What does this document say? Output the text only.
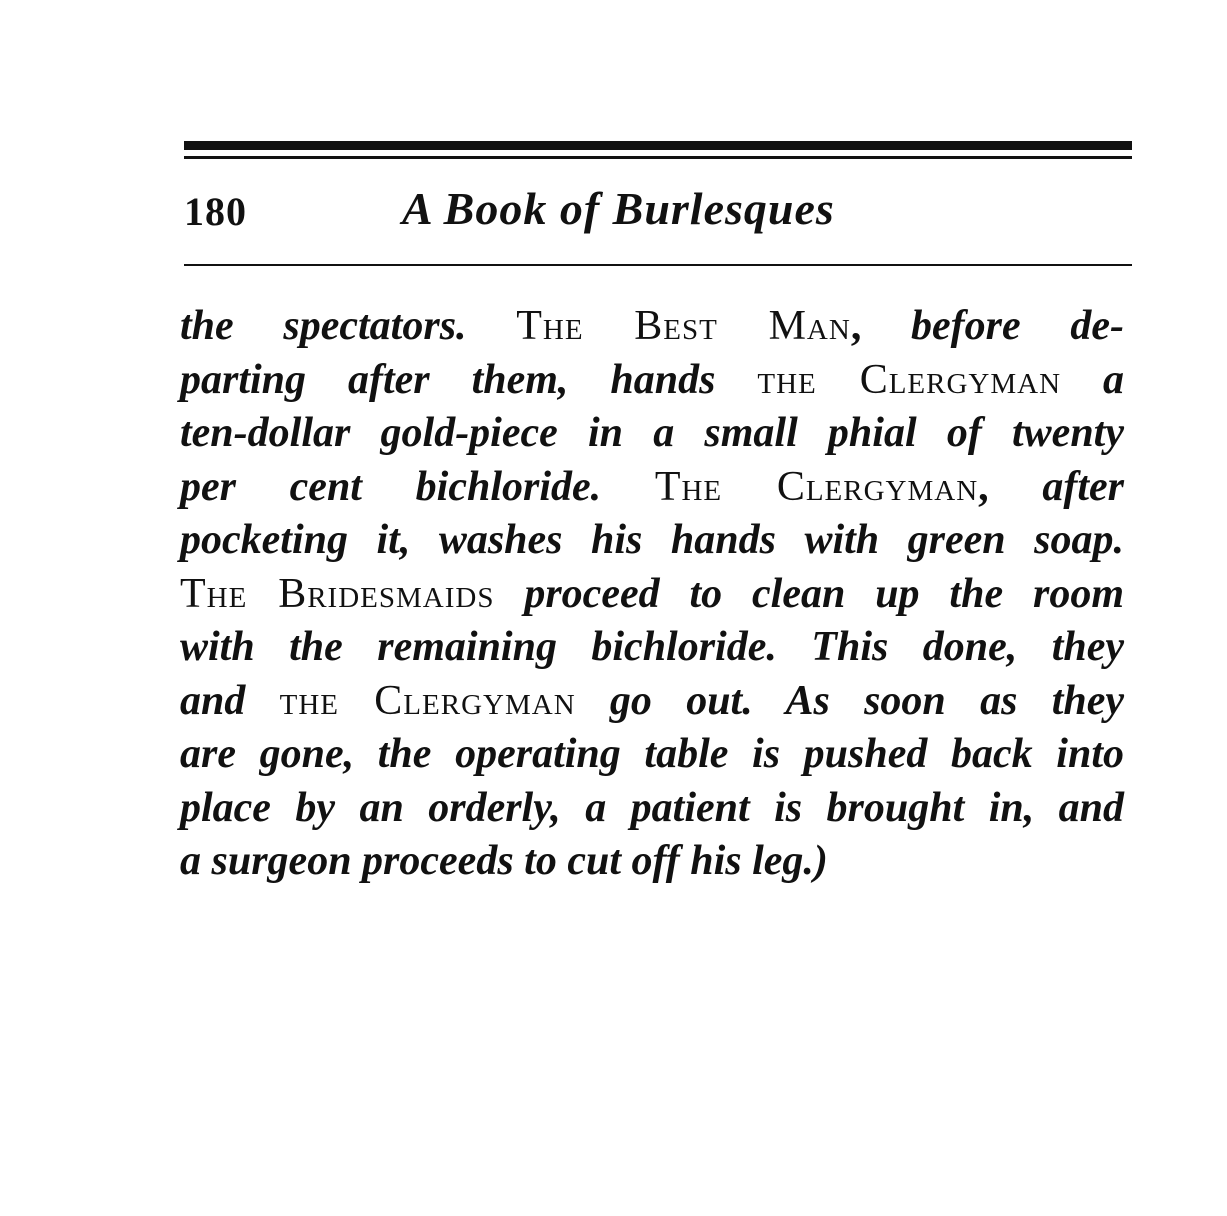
180	A Book of Burlesques
the spectators. The Best Man, before de-
parting after them, hands the Clergyman a
ten-dollar gold-piece in a small phial of twenty
per cent bichloride. The Clergyman, after
pocketing it, washes his hands with green soap.
The Bridesmaids proceed to clean up the room
with the remaining bichloride. This done, they
and the Clergyman go out. As soon as they
are gone, the operating table is pushed back into
place by an orderly, a patient is brought in, and
a surgeon proceeds to cut off his leg.)
